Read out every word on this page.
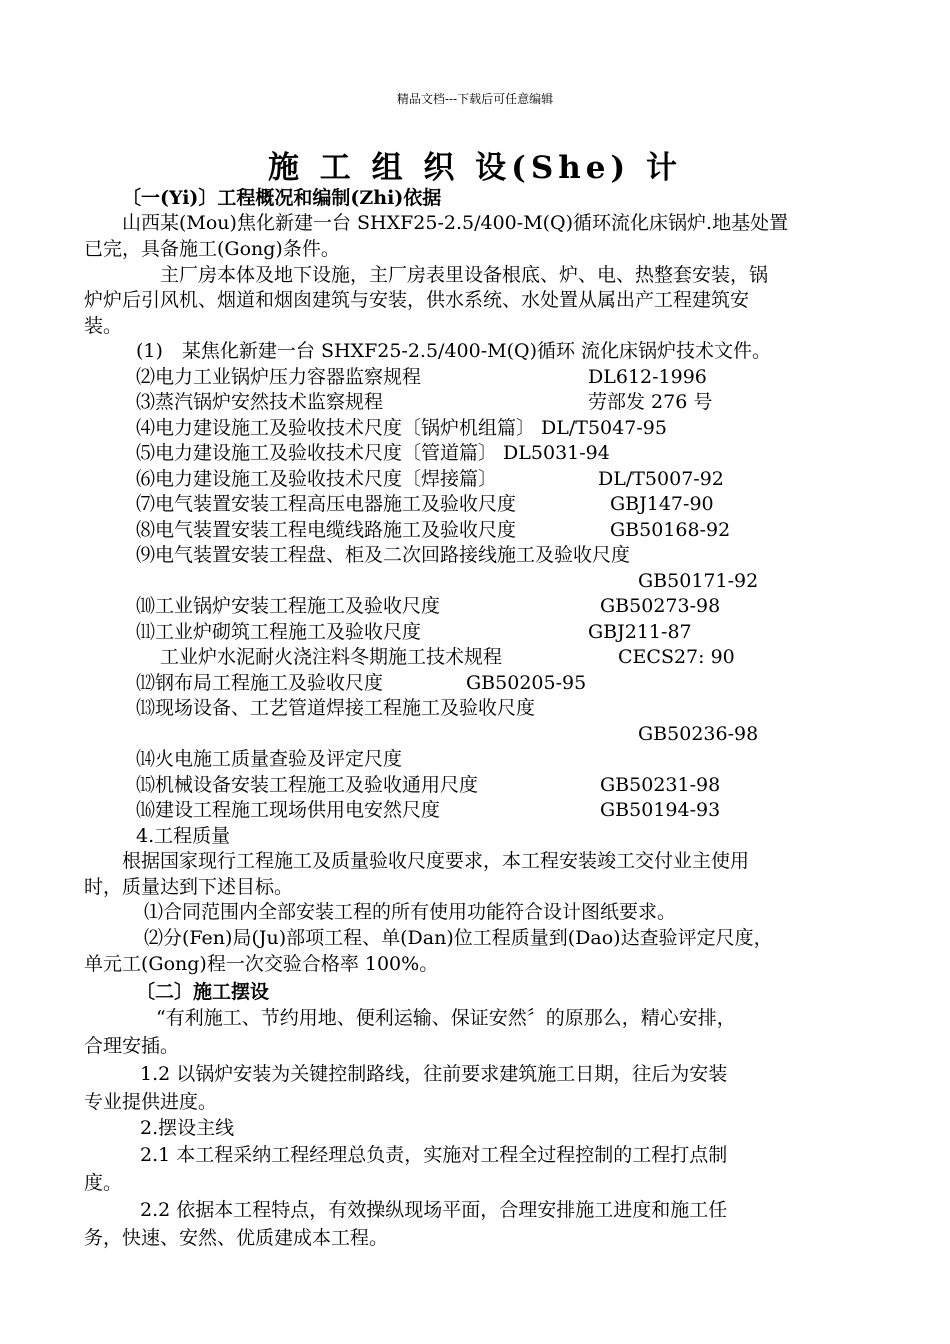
精品文档---下载后可任意编辑
施 工 组 织 设(She) 计
〔一(Yi)〕工程概况和编制(Zhi)依据
山西某(Mou)焦化新建一台 SHXF25-2.5/400-M(Q)循环流化床锅炉.地基处置
已完，具备施工(Gong)条件。
主厂房本体及地下设施，主厂房表里设备根底、炉、电、热整套安装，锅
炉炉后引风机、烟道和烟囱建筑与安装，供水系统、水处置从属出产工程建筑安
装。
(1)　某焦化新建一台 SHXF25-2.5/400-M(Q)循环 流化床锅炉技术文件。
⑵电力工业锅炉压力容器监察规程	DL612-1996
⑶蒸汽锅炉安然技术监察规程	劳部发 276 号
⑷电力建设施工及验收技术尺度〔锅炉机组篇〕 DL/T5047-95
⑸电力建设施工及验收技术尺度〔管道篇〕 DL5031-94
⑹电力建设施工及验收技术尺度〔焊接篇〕	DL/T5007-92
⑺电气装置安装工程高压电器施工及验收尺度	GBJ147-90
⑻电气装置安装工程电缆线路施工及验收尺度	GB50168-92
⑼电气装置安装工程盘、柜及二次回路接线施工及验收尺度
GB50171-92
⑽工业锅炉安装工程施工及验收尺度	GB50273-98
⑾工业炉砌筑工程施工及验收尺度	GBJ211-87
工业炉水泥耐火浇注料冬期施工技术规程	CECS27: 90
⑿钢布局工程施工及验收尺度	GB50205-95
⒀现场设备、工艺管道焊接工程施工及验收尺度
GB50236-98
⒁火电施工质量查验及评定尺度
⒂机械设备安装工程施工及验收通用尺度	GB50231-98
⒃建设工程施工现场供用电安然尺度	GB50194-93
4.工程质量
根据国家现行工程施工及质量验收尺度要求，本工程安装竣工交付业主使用
时，质量达到下述目标。
⑴合同范围内全部安装工程的所有使用功能符合设计图纸要求。
⑵分(Fen)局(Ju)部项工程、单(Dan)位工程质量到(Dao)达查验评定尺度，
单元工(Gong)程一次交验合格率 100%。
〔二〕施工摆设
“有利施工、节约用地、便利运输、保证安然〞的原那么，精心安排，
合理安插。
1.2 以锅炉安装为关键控制路线，往前要求建筑施工日期，往后为安装
专业提供进度。
2.摆设主线
2.1 本工程采纳工程经理总负责，实施对工程全过程控制的工程打点制
度。
2.2 依据本工程特点，有效操纵现场平面，合理安排施工进度和施工任
务，快速、安然、优质建成本工程。
